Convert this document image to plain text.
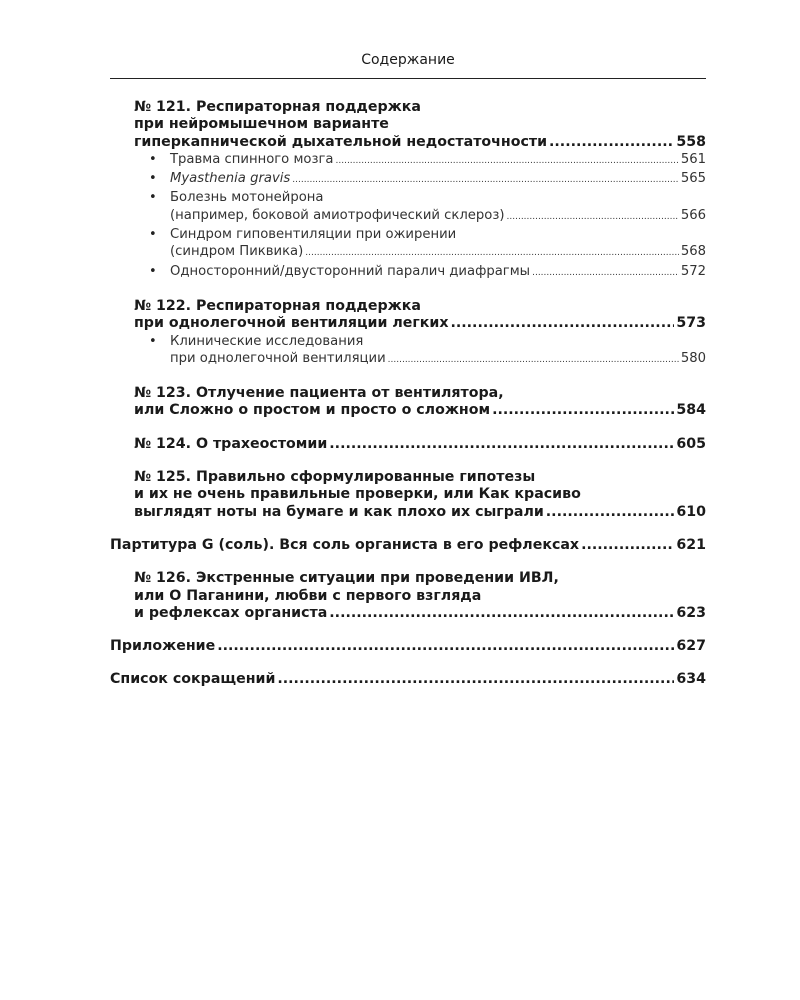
Содержание
№ 121. Респираторная поддержка
при нейромышечном варианте
гиперкапнической дыхательной недостаточности .....	558
• Травма спинного мозга .....	561
• Myasthenia gravis .....	565
• Болезнь мотонейрона
(например, боковой амиотрофический склероз) .....	566
• Синдром гиповентиляции при ожирении
(синдром Пиквика) .....	568
• Односторонний/двусторонний паралич диафрагмы .....	572
№ 122. Респираторная поддержка
при однолегочной вентиляции легких .....	573
• Клинические исследования
при однолегочной вентиляции .....	580
№ 123. Отлучение пациента от вентилятора,
или Сложно о простом и просто о сложном .....	584
№ 124. О трахеостомии .....	605
№ 125. Правильно сформулированные гипотезы
и их не очень правильные проверки, или Как красиво
выглядят ноты на бумаге и как плохо их сыграли .....	610
Партитура G (соль). Вся соль органиста в его рефлексах .....	621
№ 126. Экстренные ситуации при проведении ИВЛ,
или О Паганини, любви с первого взгляда
и рефлексах органиста .....	623
Приложение .....	627
Список сокращений .....	634
